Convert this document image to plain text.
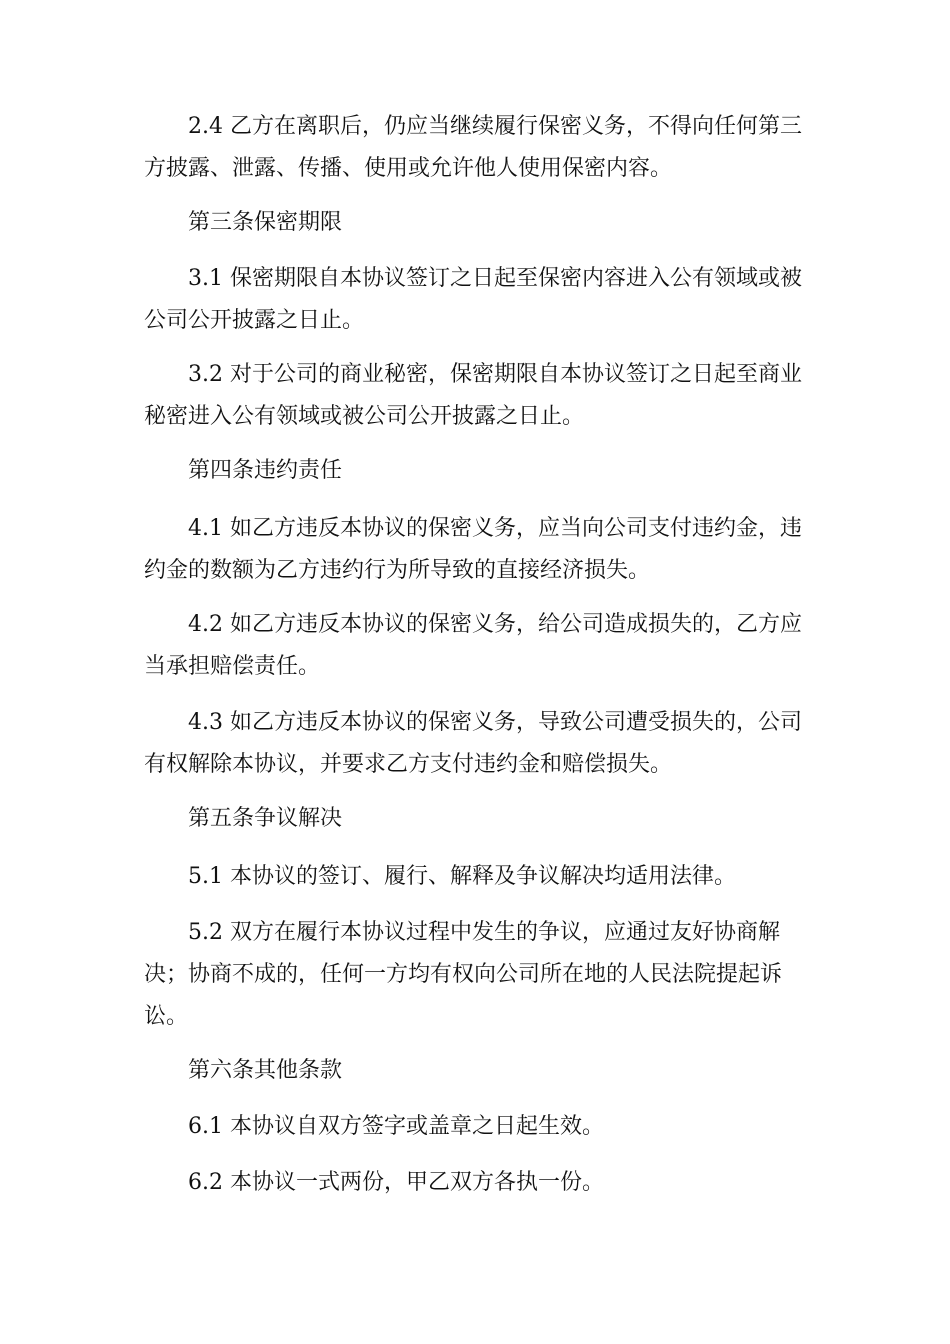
2.4 乙方在离职后，仍应当继续履行保密义务，不得向任何第三方披露、泄露、传播、使用或允许他人使用保密内容。

第三条保密期限

3.1 保密期限自本协议签订之日起至保密内容进入公有领域或被公司公开披露之日止。

3.2 对于公司的商业秘密，保密期限自本协议签订之日起至商业秘密进入公有领域或被公司公开披露之日止。

第四条违约责任

4.1 如乙方违反本协议的保密义务，应当向公司支付违约金，违约金的数额为乙方违约行为所导致的直接经济损失。

4.2 如乙方违反本协议的保密义务，给公司造成损失的，乙方应当承担赔偿责任。

4.3 如乙方违反本协议的保密义务，导致公司遭受损失的，公司有权解除本协议，并要求乙方支付违约金和赔偿损失。

第五条争议解决

5.1 本协议的签订、履行、解释及争议解决均适用法律。

5.2 双方在履行本协议过程中发生的争议，应通过友好协商解决；协商不成的，任何一方均有权向公司所在地的人民法院提起诉讼。

第六条其他条款

6.1 本协议自双方签字或盖章之日起生效。

6.2 本协议一式两份，甲乙双方各执一份。
